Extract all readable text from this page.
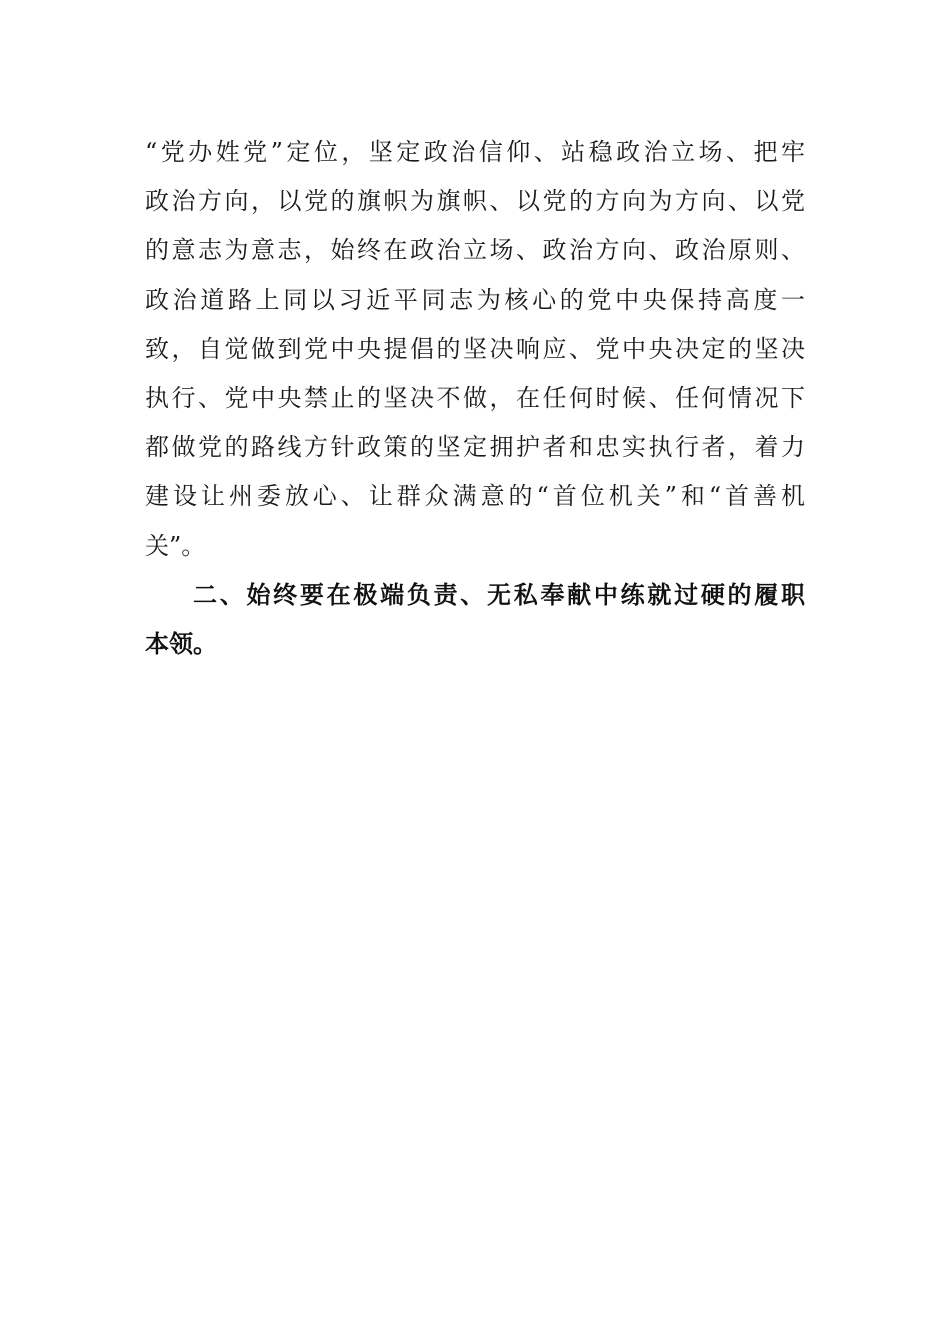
“党办姓党”定位，坚定政治信仰、站稳政治立场、把牢
政治方向，以党的旗帜为旗帜、以党的方向为方向、以党
的意志为意志，始终在政治立场、政治方向、政治原则、
政治道路上同以习近平同志为核心的党中央保持高度一
致，自觉做到党中央提倡的坚决响应、党中央决定的坚决
执行、党中央禁止的坚决不做，在任何时候、任何情况下
都做党的路线方针政策的坚定拥护者和忠实执行者，着力
建设让州委放心、让群众满意的“首位机关”和“首善机
关”。
二、始终要在极端负责、无私奉献中练就过硬的履职
本领。
